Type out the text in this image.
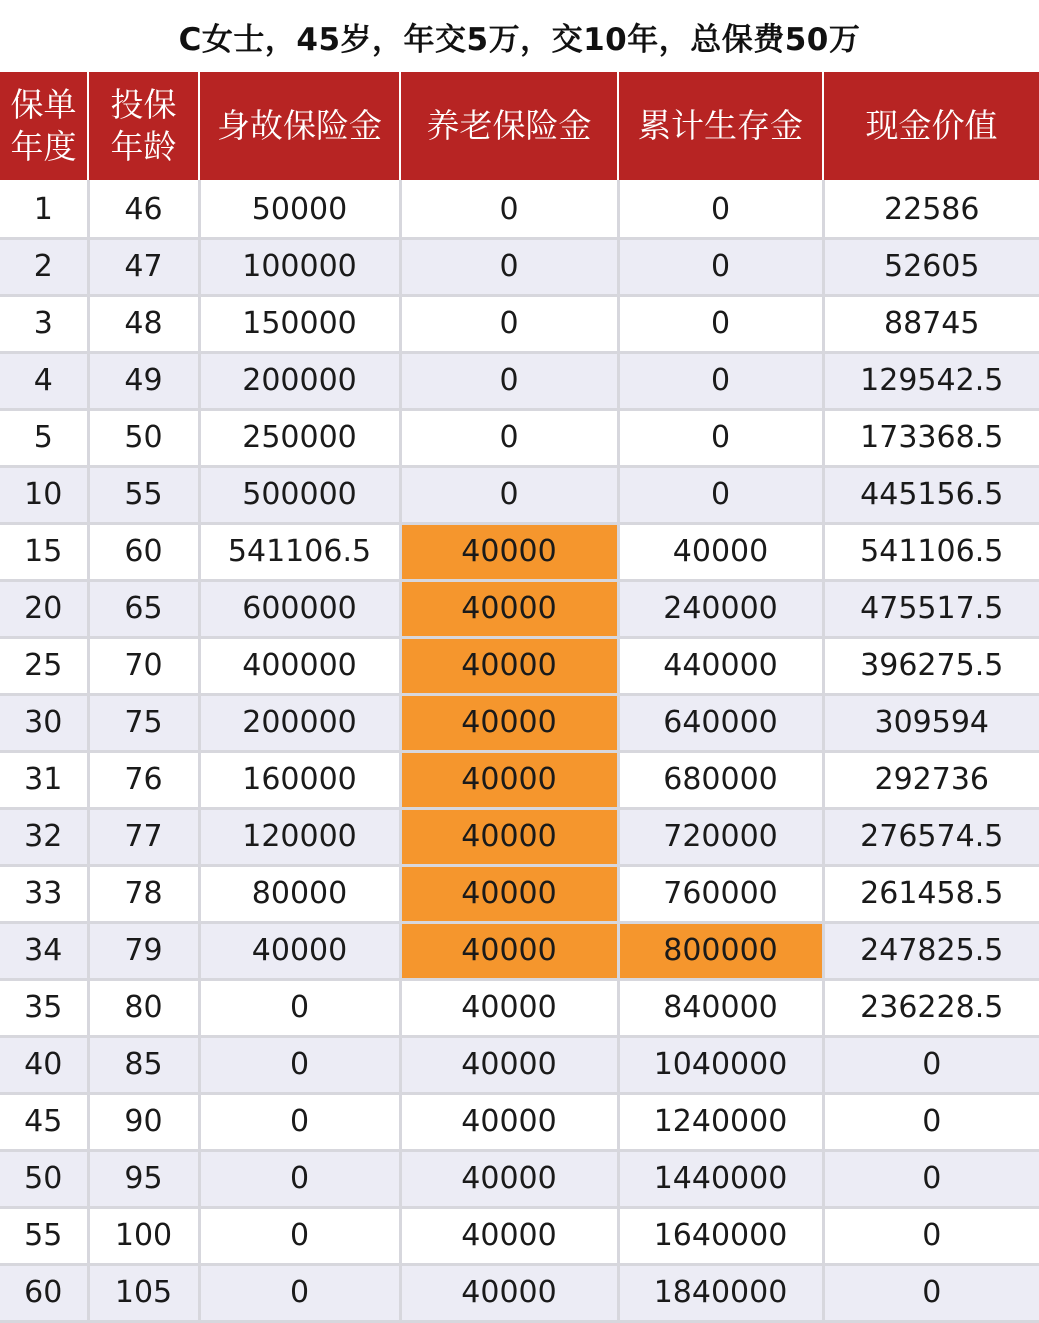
C女士，45岁，年交5万，交10年，总保费50万
保单年度	投保年龄	身故保险金	养老保险金	累计生存金	现金价值
1	46	50000	0	0	22586
2	47	100000	0	0	52605
3	48	150000	0	0	88745
4	49	200000	0	0	129542.5
5	50	250000	0	0	173368.5
10	55	500000	0	0	445156.5
15	60	541106.5	40000	40000	541106.5
20	65	600000	40000	240000	475517.5
25	70	400000	40000	440000	396275.5
30	75	200000	40000	640000	309594
31	76	160000	40000	680000	292736
32	77	120000	40000	720000	276574.5
33	78	80000	40000	760000	261458.5
34	79	40000	40000	800000	247825.5
35	80	0	40000	840000	236228.5
40	85	0	40000	1040000	0
45	90	0	40000	1240000	0
50	95	0	40000	1440000	0
55	100	0	40000	1640000	0
60	105	0	40000	1840000	0
